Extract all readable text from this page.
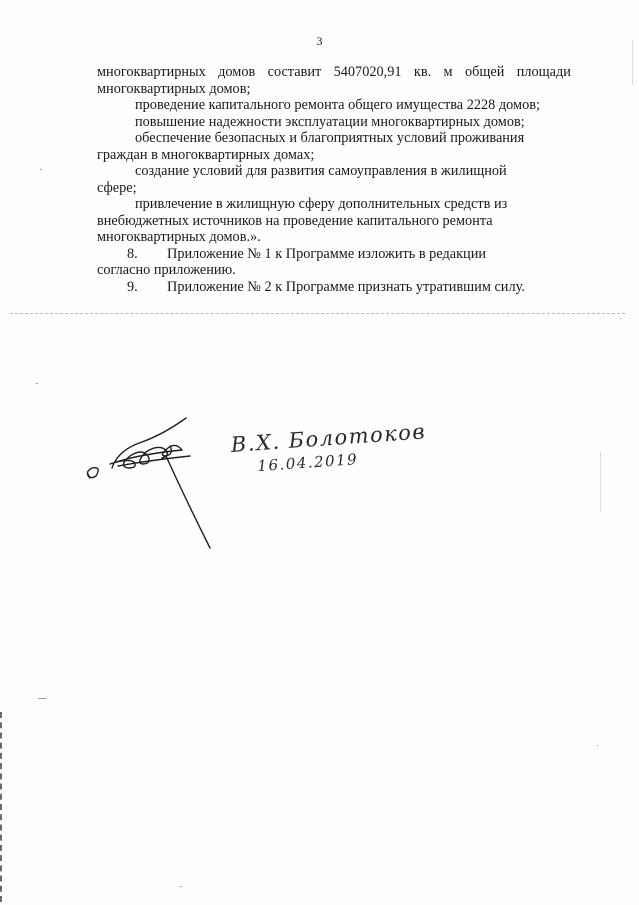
3
многоквартирных домов составит 5407020,91 кв. м общей площади
многоквартирных домов;
проведение капитального ремонта общего имущества 2228 домов;
повышение надежности эксплуатации многоквартирных домов;
обеспечение безопасных и благоприятных условий проживания
граждан в многоквартирных домах;
создание условий для развития самоуправления в жилищной
сфере;
привлечение в жилищную сферу дополнительных средств из
внебюджетных источников на проведение капитального ремонта
многоквартирных домов.».
8. Приложение № 1 к Программе изложить в редакции
согласно приложению.
9. Приложение № 2 к Программе признать утратившим силу.
В.Х. Болотоков
16.04.2019
